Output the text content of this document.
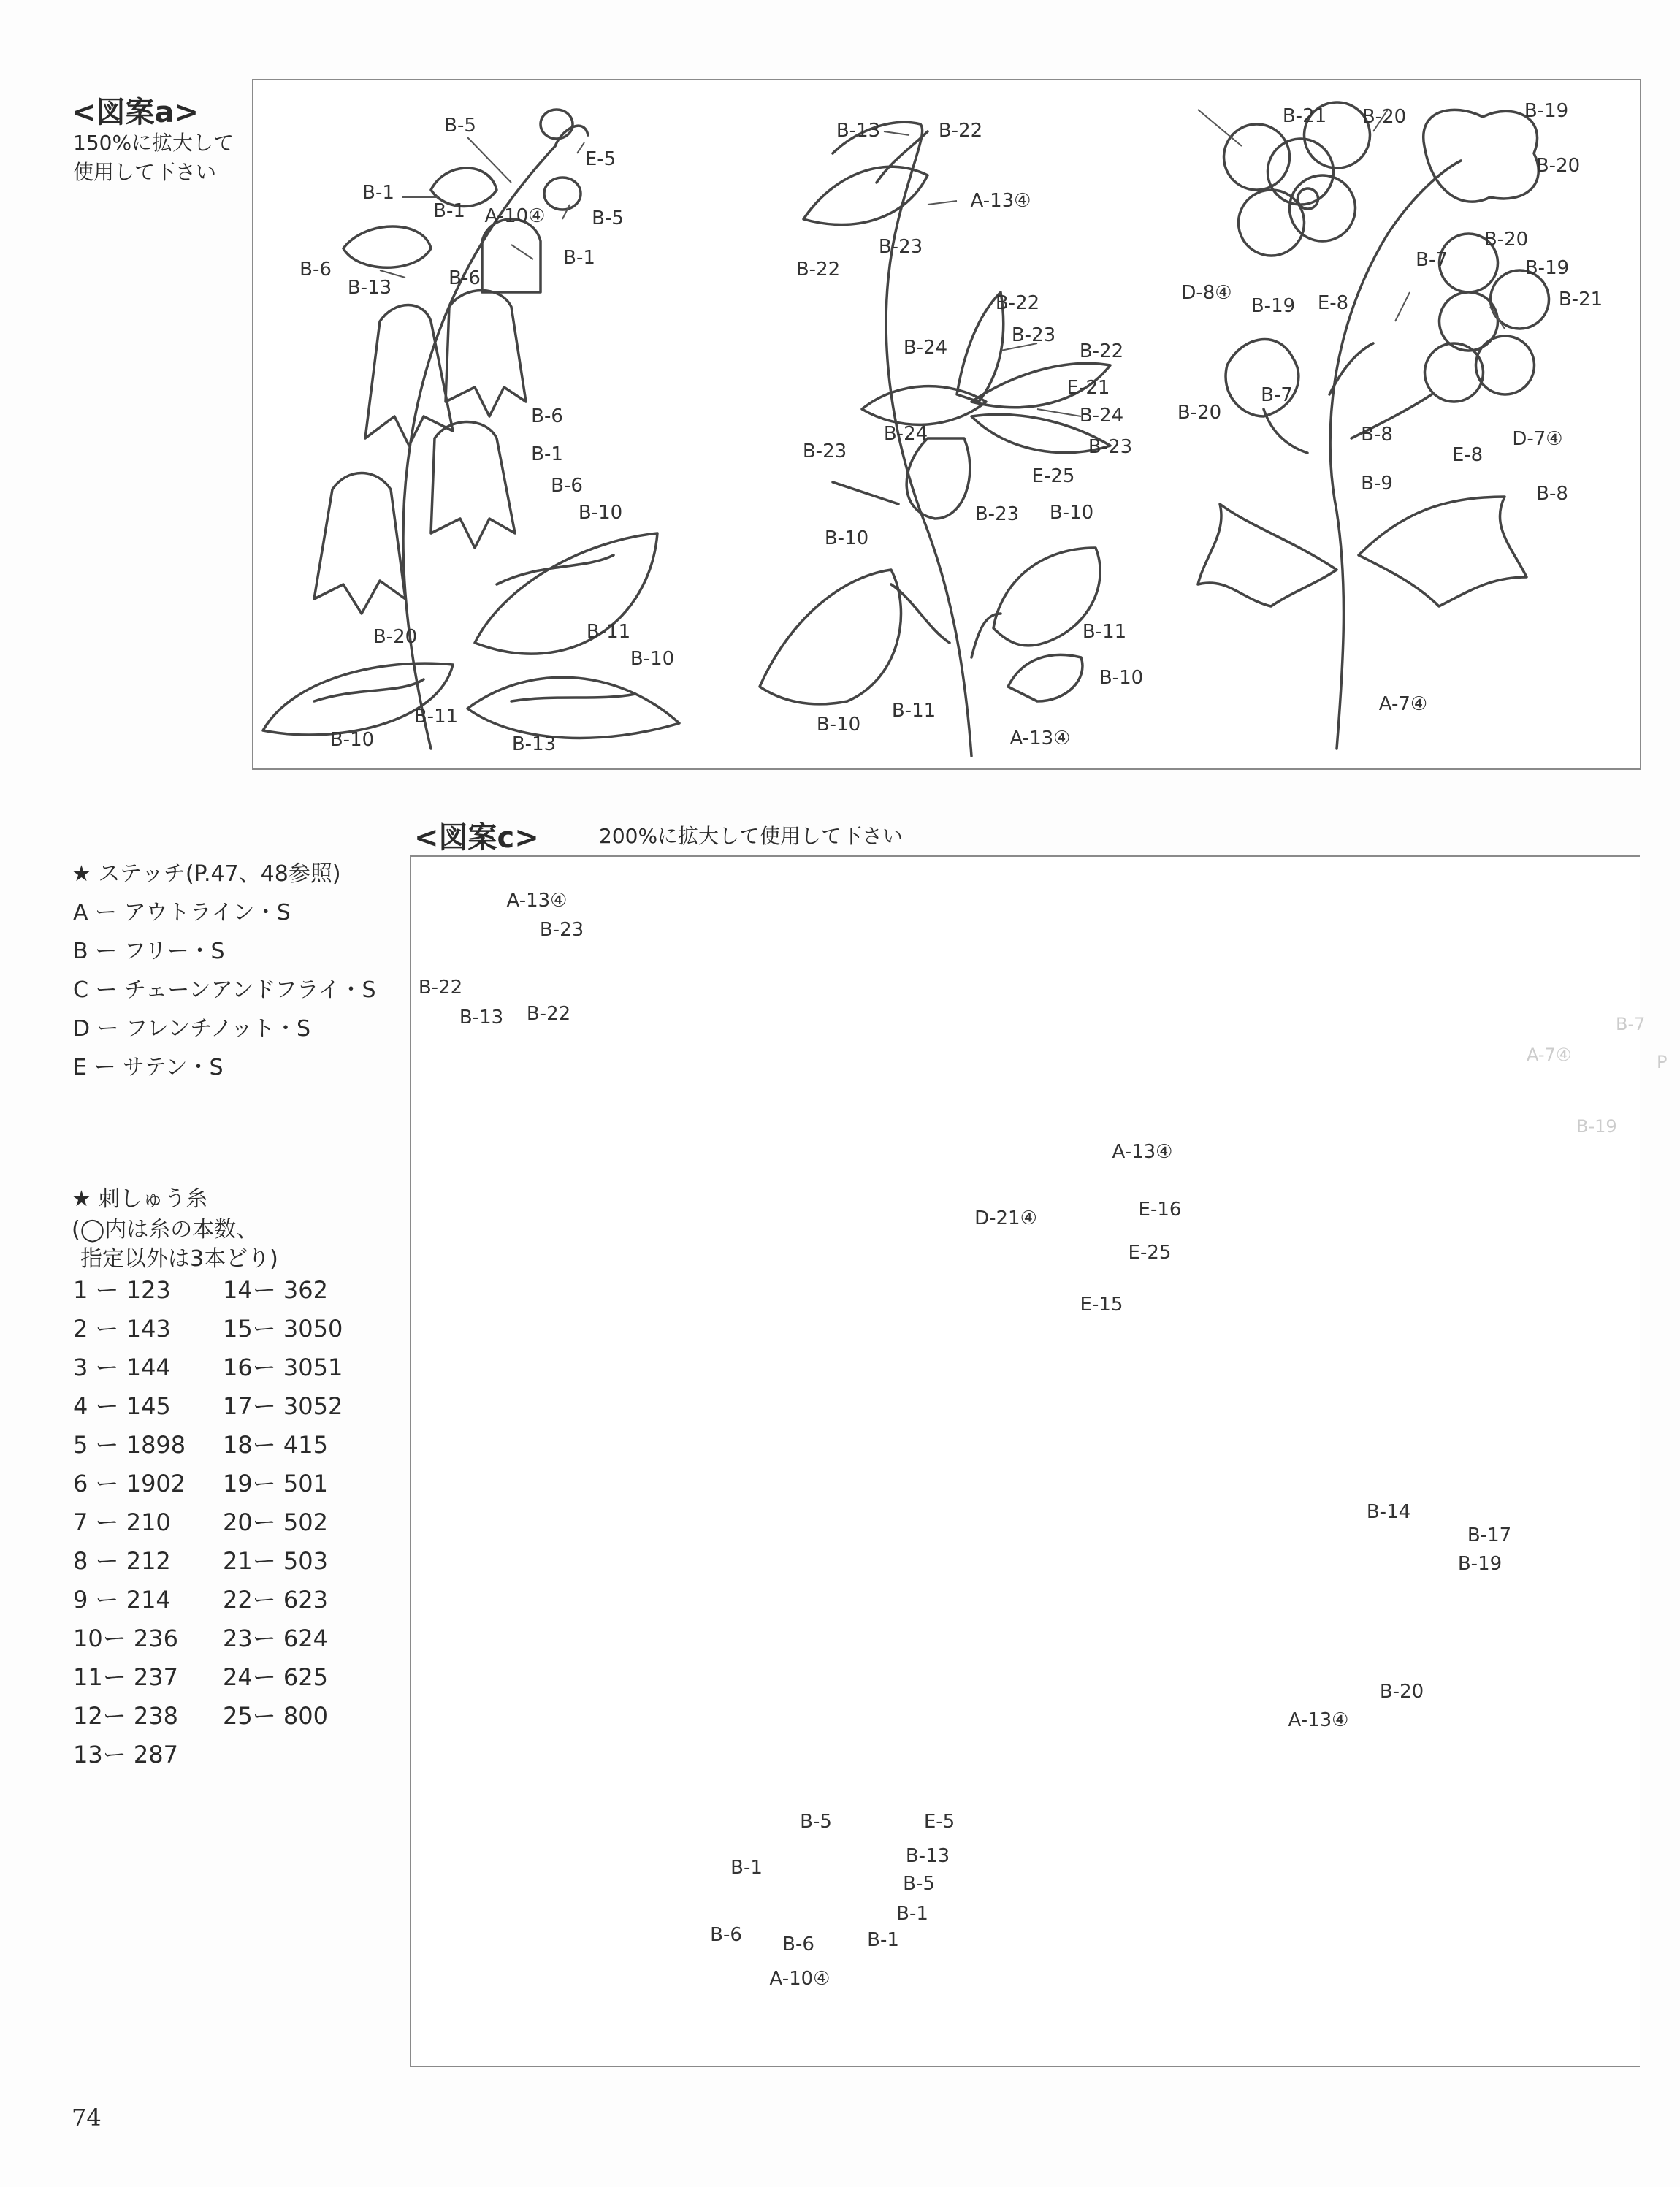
<図案a>
150%に拡大して
使用して下さい
B-5
E-5
B-1
B-1 A-10④ B-5
B-6
B-1
B-13	B-6
B-6
B-1
B-6
B-10
B-20	B-11
B-10
B-10
B-11
B-13
B-13	B-22
A-13④
B-22
B-23
B-22
B-23
B-24	B-22
E-21
B-24
B-23
B-24
B-23
E-25
B-23
B-10
B-10
B-11
B-10
B-10
B-11
A-13④
B-21 B-20	B-19
B-20
B-20
B-7	B-19
D-8④
B-19 E-8	B-21
B-7
B-20
B-8
E-8
D-7④
B-9	B-8
A-7④
<図案c>	200%に拡大して使用して下さい
A-13④
B-23
B-22
B-13 B-22
A-13④
D-21④	E-16
E-25
E-15
B-14
B-17
B-19
B-20
A-13④
B-5	E-5
B-1
B-13
B-5
B-1
B-6 B-6	B-1
A-10④
B-7
A-7④	P
B-19
★ ステッチ(P.47、48参照)
A ー アウトライン・S
B ー フリー・S
C ー チェーンアンドフライ・S
D ー フレンチノット・S
E ー サテン・S
★ 刺しゅう糸
(◯内は糸の本数、
指定以外は3本どり)
1 ー 123
2 ー 143
3 ー 144
4 ー 145
5 ー 1898
6 ー 1902
7 ー 210
8 ー 212
9 ー 214
10ー 236
11ー 237
12ー 238
13ー 287
14ー 362
15ー 3050
16ー 3051
17ー 3052
18ー 415
19ー 501
20ー 502
21ー 503
22ー 623
23ー 624
24ー 625
25ー 800
74
